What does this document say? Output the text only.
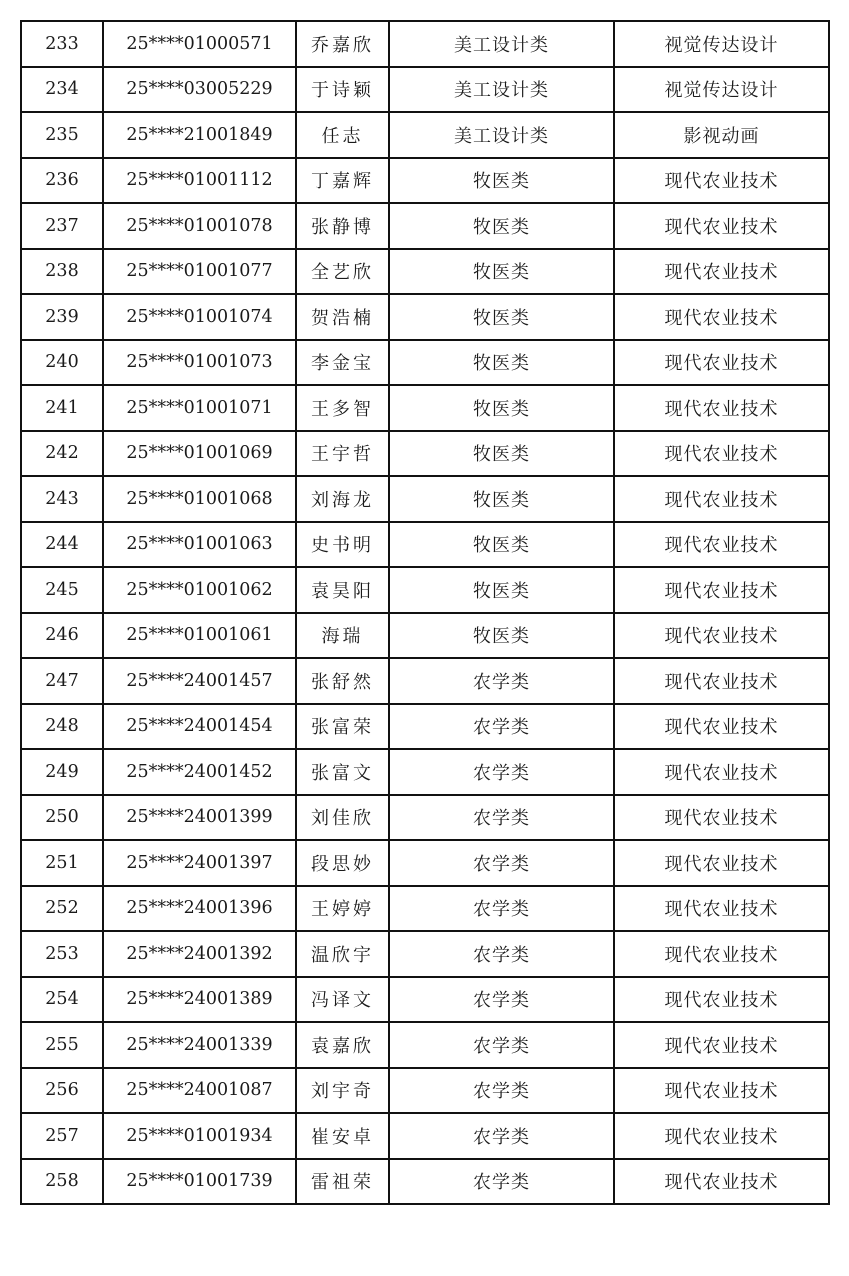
233	25****01000571	乔嘉欣	美工设计类	视觉传达设计
234	25****03005229	于诗颖	美工设计类	视觉传达设计
235	25****21001849	任志	美工设计类	影视动画
236	25****01001112	丁嘉辉	牧医类	现代农业技术
237	25****01001078	张静博	牧医类	现代农业技术
238	25****01001077	全艺欣	牧医类	现代农业技术
239	25****01001074	贺浩楠	牧医类	现代农业技术
240	25****01001073	李金宝	牧医类	现代农业技术
241	25****01001071	王多智	牧医类	现代农业技术
242	25****01001069	王宇哲	牧医类	现代农业技术
243	25****01001068	刘海龙	牧医类	现代农业技术
244	25****01001063	史书明	牧医类	现代农业技术
245	25****01001062	袁昊阳	牧医类	现代农业技术
246	25****01001061	海瑞	牧医类	现代农业技术
247	25****24001457	张舒然	农学类	现代农业技术
248	25****24001454	张富荣	农学类	现代农业技术
249	25****24001452	张富文	农学类	现代农业技术
250	25****24001399	刘佳欣	农学类	现代农业技术
251	25****24001397	段思妙	农学类	现代农业技术
252	25****24001396	王婷婷	农学类	现代农业技术
253	25****24001392	温欣宇	农学类	现代农业技术
254	25****24001389	冯译文	农学类	现代农业技术
255	25****24001339	袁嘉欣	农学类	现代农业技术
256	25****24001087	刘宇奇	农学类	现代农业技术
257	25****01001934	崔安卓	农学类	现代农业技术
258	25****01001739	雷祖荣	农学类	现代农业技术
